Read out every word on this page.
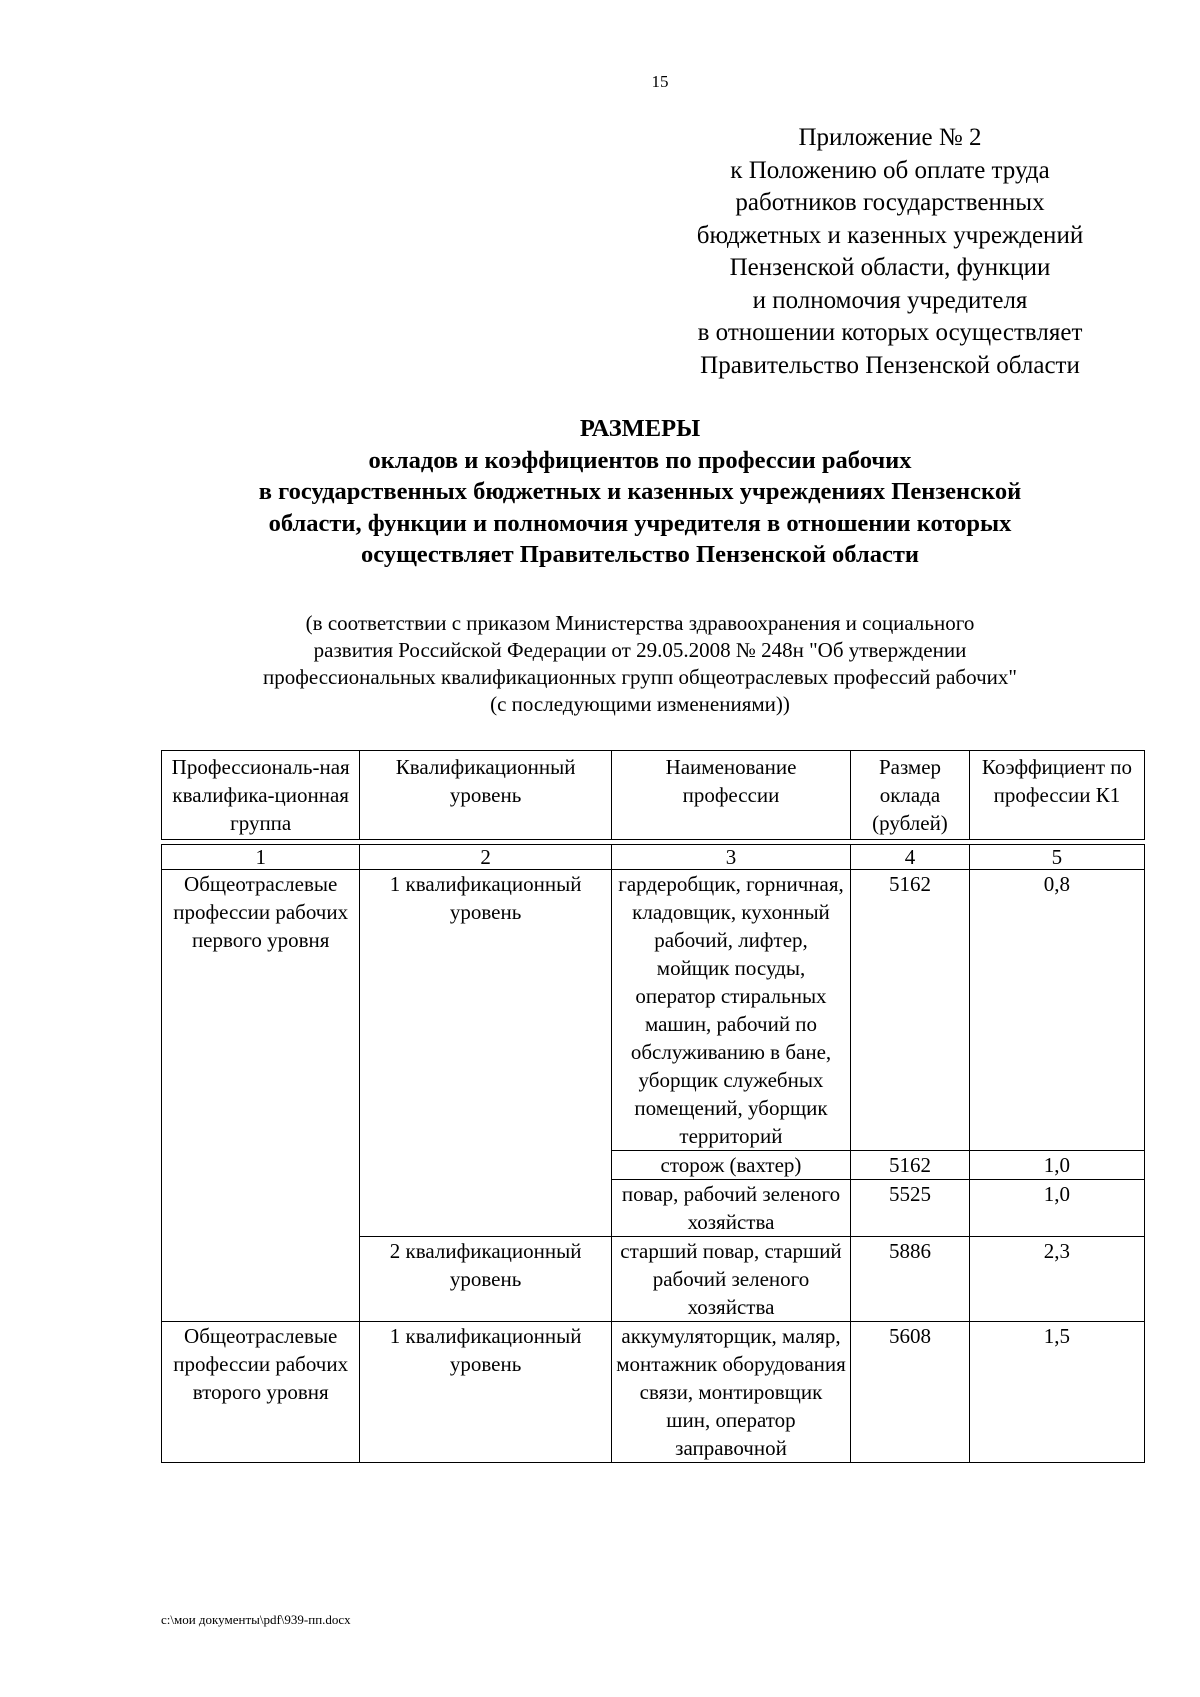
15
Приложение № 2
к Положению об оплате труда
работников государственных
бюджетных и казенных учреждений
Пензенской области, функции
и полномочия учредителя
в отношении которых осуществляет
Правительство Пензенской области
РАЗМЕРЫ
окладов и коэффициентов по профессии рабочих
в государственных бюджетных и казенных учреждениях Пензенской
области, функции и полномочия учредителя в отношении которых
осуществляет Правительство Пензенской области
(в соответствии с приказом Министерства здравоохранения и социального
развития Российской Федерации от 29.05.2008 № 248н "Об утверждении
профессиональных квалификационных групп общеотраслевых профессий рабочих"
(с последующими изменениями))
Профессиональ-ная квалифика-ционная группа	Квалификационный уровень	Наименование профессии	Размер оклада (рублей)	Коэффициент по профессии К1

1	2	3	4	5
Общеотраслевые профессии рабочих первого уровня	1 квалификационный уровень	гардеробщик, горничная, кладовщик, кухонный рабочий, лифтер, мойщик посуды, оператор стиральных машин, рабочий по обслуживанию в бане, уборщик служебных помещений, уборщик территорий	5162	0,8
		сторож (вахтер)	5162	1,0
		повар, рабочий зеленого хозяйства	5525	1,0
	2 квалификационный уровень	старший повар, старший рабочий зеленого хозяйства	5886	2,3
Общеотраслевые профессии рабочих второго уровня	1 квалификационный уровень	аккумуляторщик, маляр, монтажник оборудования связи, монтировщик шин, оператор заправочной	5608	1,5
c:\мои документы\pdf\939-пп.docx
